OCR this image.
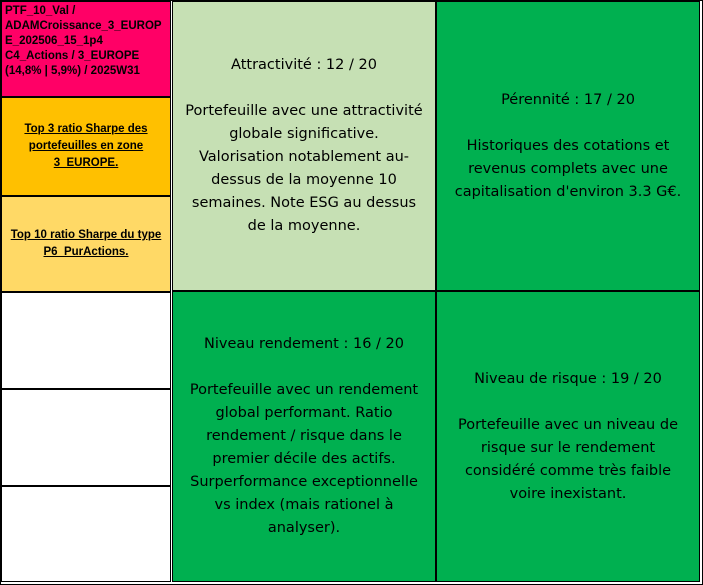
PTF_10_Val / ADAMCroissance_3_EUROPE_202506_15_1p4 C4_Actions / 3_EUROPE (14,8% | 5,9%) / 2025W31
Top 3 ratio Sharpe des portefeuilles en zone 3_EUROPE.
Top 10 ratio Sharpe du type P6_PurActions.
Attractivité : 12 / 20
Portefeuille avec une attractivité globale significative. Valorisation notablement au-dessus de la moyenne 10 semaines. Note ESG au dessus de la moyenne.
Pérennité : 17 / 20
Historiques des cotations et revenus complets avec une capitalisation d'environ 3.3 G€.
Niveau rendement : 16 / 20
Portefeuille avec un rendement global performant. Ratio rendement / risque dans le premier décile des actifs. Surperformance exceptionnelle vs index (mais rationel à analyser).
Niveau de risque : 19 / 20
Portefeuille avec un niveau de risque sur le rendement considéré comme très faible voire inexistant.
